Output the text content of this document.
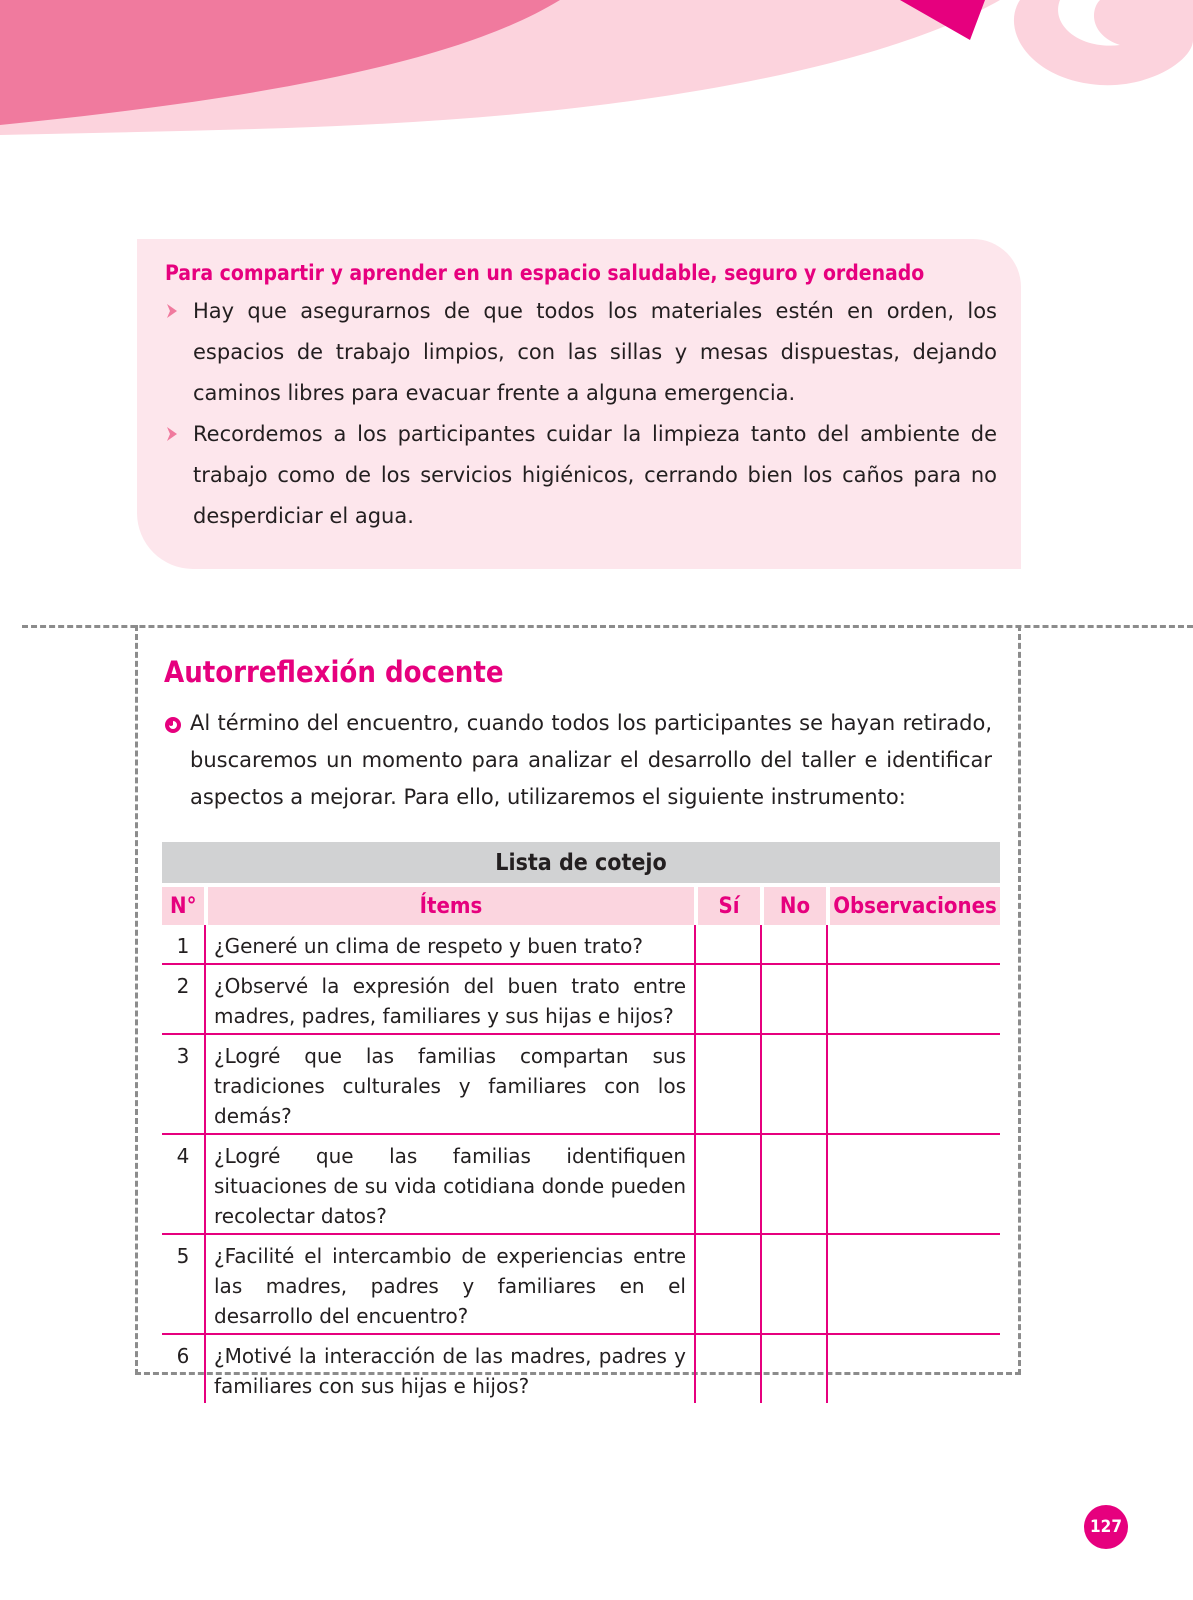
Para compartir y aprender en un espacio saludable, seguro y ordenado
Hay que asegurarnos de que todos los materiales estén en orden, los espacios de trabajo limpios, con las sillas y mesas dispuestas, dejando caminos libres para evacuar frente a alguna emergencia.
Recordemos a los participantes cuidar la limpieza tanto del ambiente de trabajo como de los servicios higiénicos, cerrando bien los caños para no desperdiciar el agua.
Autorreflexión docente

Al término del encuentro, cuando todos los participantes se hayan retirado, buscaremos un momento para analizar el desarrollo del taller e identificar aspectos a mejorar. Para ello, utilizaremos el siguiente instrumento:

Lista de cotejo				
N°	Ítems	Sí	No	Observaciones
1	¿Generé un clima de respeto y buen trato?			
2	¿Observé la expresión del buen trato entre madres, padres, familiares y sus hijas e hijos?			
3	¿Logré que las familias compartan sus tradiciones culturales y familiares con los demás?			
4	¿Logré que las familias identifiquen situaciones de su vida cotidiana donde pueden recolectar datos?			
5	¿Facilité el intercambio de experiencias entre las madres, padres y familiares en el desarrollo del encuentro?			
6	¿Motivé la interacción de las madres, padres y familiares con sus hijas e hijos?			
127
